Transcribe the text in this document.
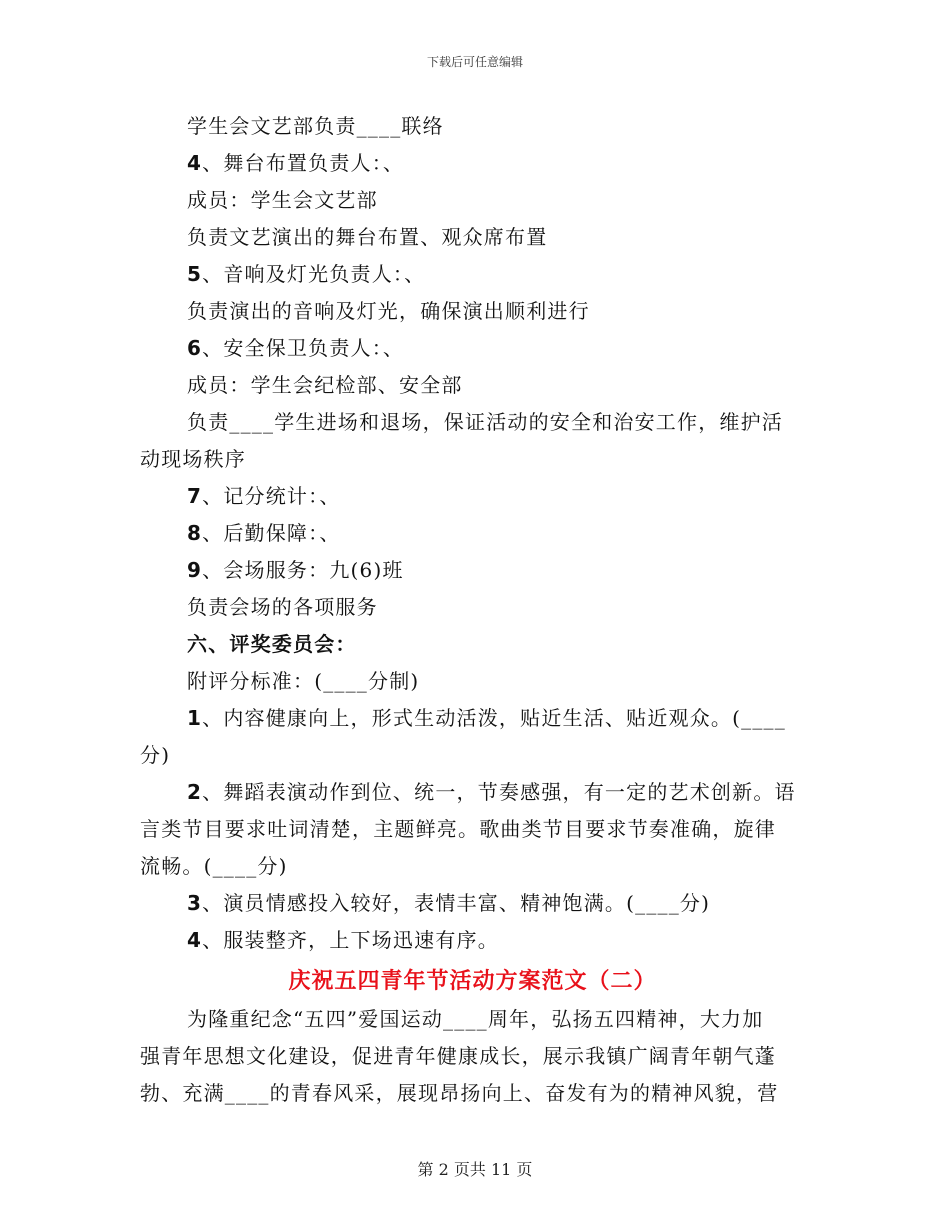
下载后可任意编辑
学生会文艺部负责____联络
4、舞台布置负责人：、
成员：学生会文艺部
负责文艺演出的舞台布置、观众席布置
5、音响及灯光负责人：、
负责演出的音响及灯光，确保演出顺利进行
6、安全保卫负责人：、
成员：学生会纪检部、安全部
负责____学生进场和退场，保证活动的安全和治安工作，维护活
动现场秩序
7、记分统计：、
8、后勤保障：、
9、会场服务：九(6)班
负责会场的各项服务
六、评奖委员会：
附评分标准：(____分制)
1、内容健康向上，形式生动活泼，贴近生活、贴近观众。(____
分)
2、舞蹈表演动作到位、统一，节奏感强，有一定的艺术创新。语
言类节目要求吐词清楚，主题鲜亮。歌曲类节目要求节奏准确，旋律
流畅。(____分)
3、演员情感投入较好，表情丰富、精神饱满。(____分)
4、服装整齐，上下场迅速有序。
庆祝五四青年节活动方案范文（二）
为隆重纪念“五四”爱国运动____周年，弘扬五四精神，大力加
强青年思想文化建设，促进青年健康成长，展示我镇广阔青年朝气蓬
勃、充满____的青春风采，展现昂扬向上、奋发有为的精神风貌，营
第 2 页共 11 页
